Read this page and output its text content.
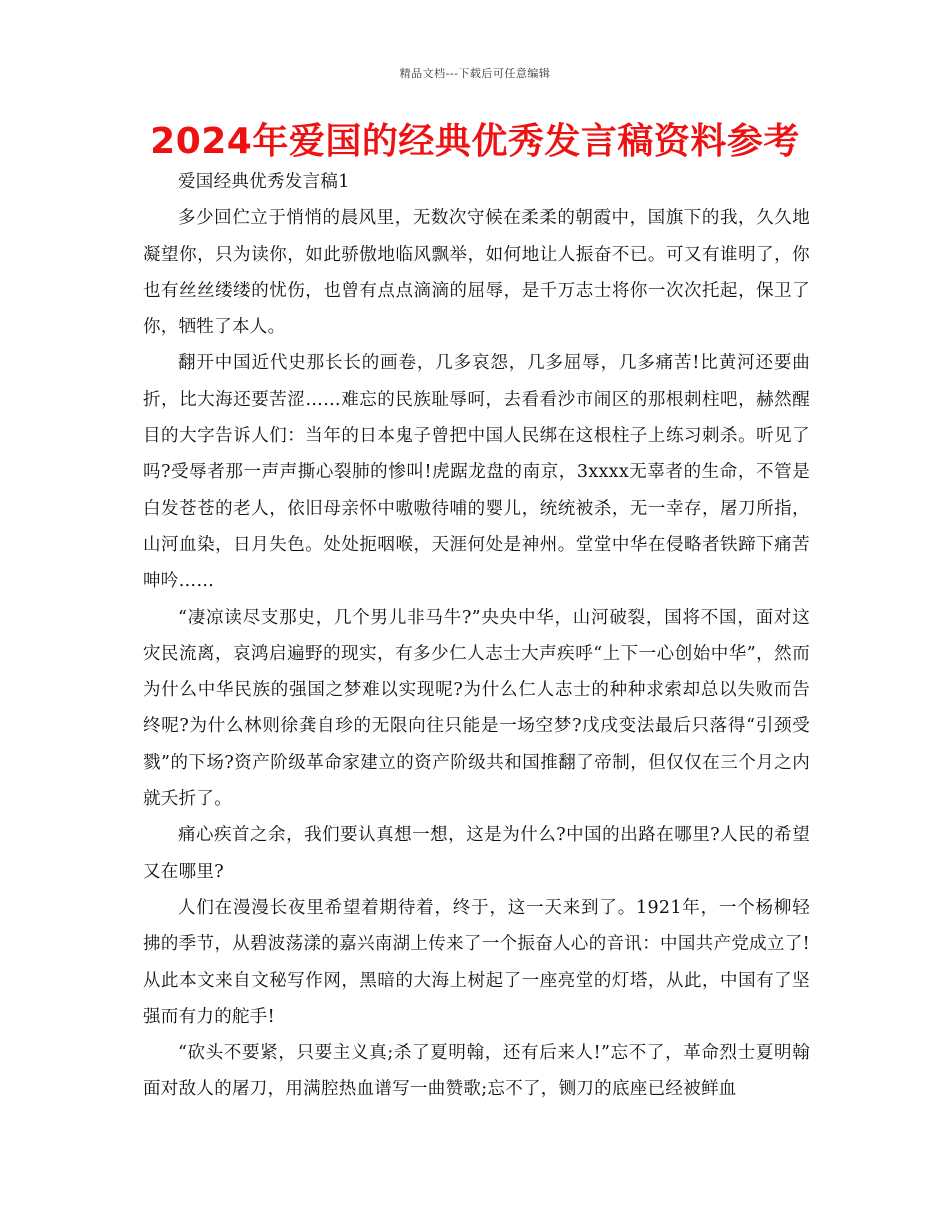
精品文档---下载后可任意编辑
2024年爱国的经典优秀发言稿资料参考

爱国经典优秀发言稿1

多少回伫立于悄悄的晨风里，无数次守候在柔柔的朝霞中，国旗下的我，久久地凝望你，只为读你，如此骄傲地临风飘举，如何地让人振奋不已。可又有谁明了，你也有丝丝缕缕的忧伤，也曾有点点滴滴的屈辱，是千万志士将你一次次托起，保卫了你，牺牲了本人。

翻开中国近代史那长长的画卷，几多哀怨，几多屈辱，几多痛苦!比黄河还要曲折，比大海还要苦涩……难忘的民族耻辱呵，去看看沙市闹区的那根刺柱吧，赫然醒目的大字告诉人们：当年的日本鬼子曾把中国人民绑在这根柱子上练习刺杀。听见了吗?受辱者那一声声撕心裂肺的惨叫!虎踞龙盘的南京，3xxxx无辜者的生命，不管是白发苍苍的老人，依旧母亲怀中嗷嗷待哺的婴儿，统统被杀，无一幸存，屠刀所指，山河血染，日月失色。处处扼咽喉，天涯何处是神州。堂堂中华在侵略者铁蹄下痛苦呻吟……

“凄凉读尽支那史，几个男儿非马牛?”央央中华，山河破裂，国将不国，面对这灾民流离，哀鸿启遍野的现实，有多少仁人志士大声疾呼“上下一心创始中华”，然而为什么中华民族的强国之梦难以实现呢?为什么仁人志士的种种求索却总以失败而告终呢?为什么林则徐龚自珍的无限向往只能是一场空梦?戊戌变法最后只落得“引颈受戮”的下场?资产阶级革命家建立的资产阶级共和国推翻了帝制，但仅仅在三个月之内就夭折了。

痛心疾首之余，我们要认真想一想，这是为什么?中国的出路在哪里?人民的希望又在哪里?

人们在漫漫长夜里希望着期待着，终于，这一天来到了。1921年，一个杨柳轻拂的季节，从碧波荡漾的嘉兴南湖上传来了一个振奋人心的音讯：中国共产党成立了!从此本文来自文秘写作网，黑暗的大海上树起了一座亮堂的灯塔，从此，中国有了坚强而有力的舵手!

“砍头不要紧，只要主义真;杀了夏明翰，还有后来人!”忘不了，革命烈士夏明翰面对敌人的屠刀，用满腔热血谱写一曲赞歌;忘不了，铡刀的底座已经被鲜血
